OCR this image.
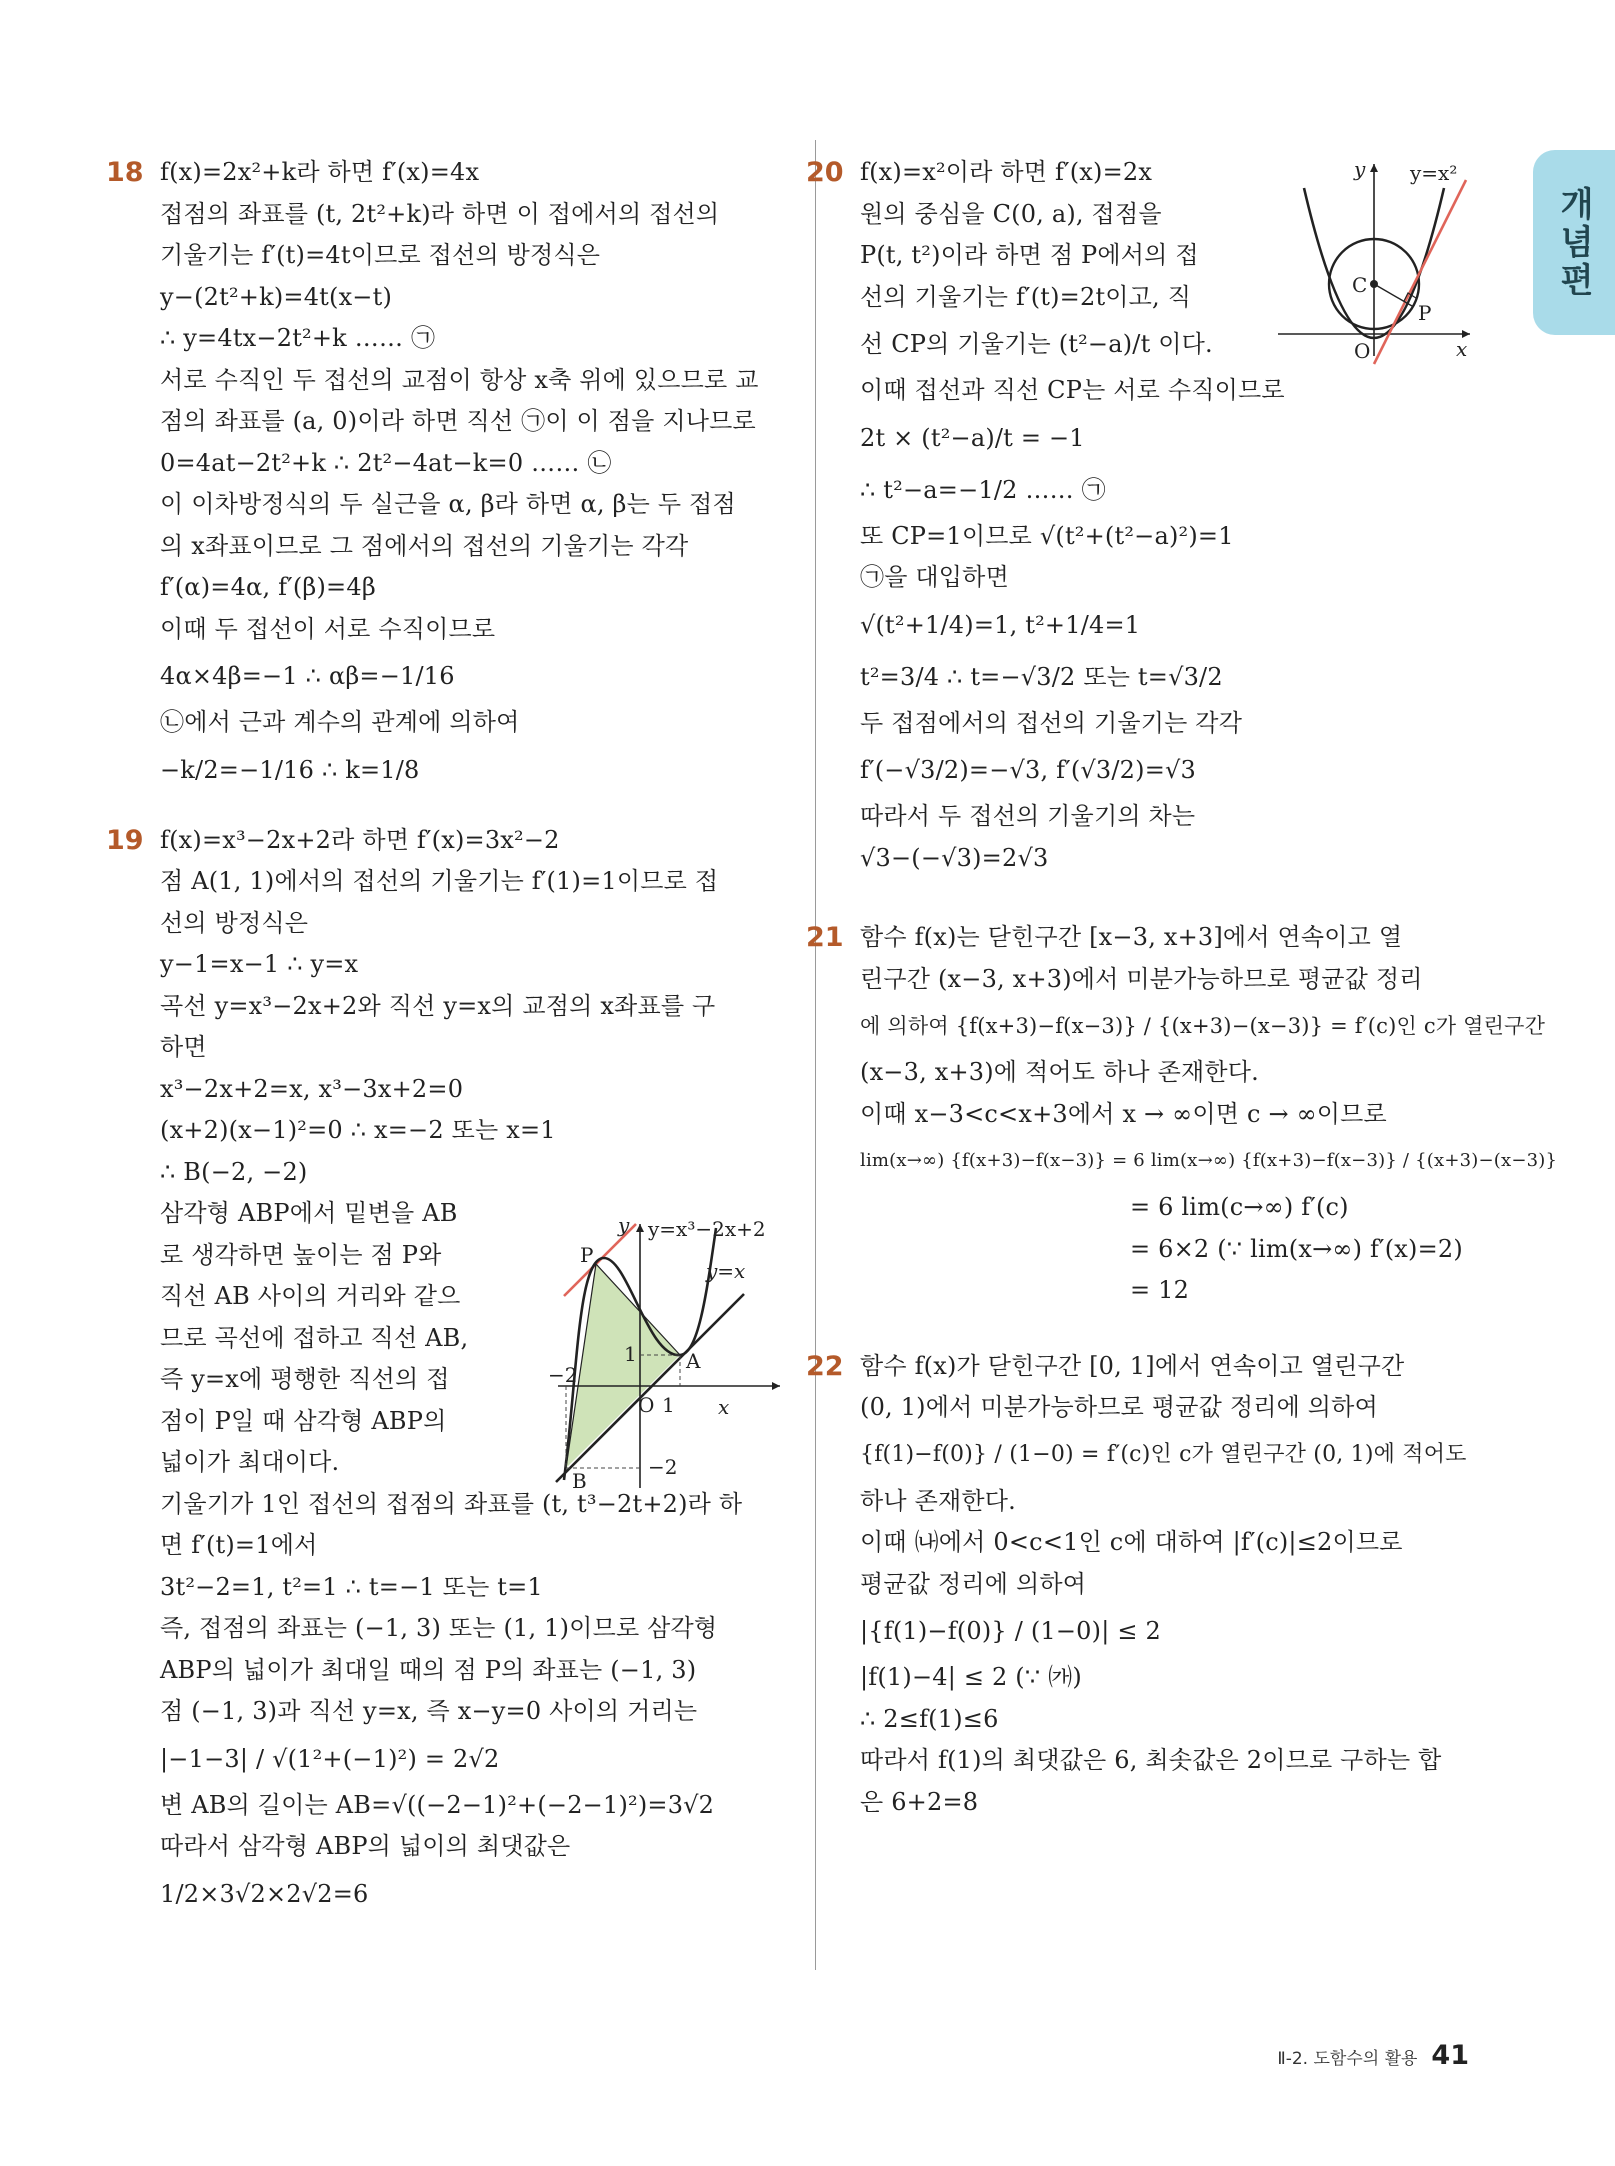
개념편
18 f(x)=2x²+k라 하면 f′(x)=4x
접점의 좌표를 (t, 2t²+k)라 하면 이 접에서의 접선의
기울기는 f′(t)=4t이므로 접선의 방정식은
y−(2t²+k)=4t(x−t)
∴ y=4tx−2t²+k …… ㉠
서로 수직인 두 접선의 교점이 항상 x축 위에 있으므로 교
점의 좌표를 (a, 0)이라 하면 직선 ㉠이 이 점을 지나므로
0=4at−2t²+k ∴ 2t²−4at−k=0 …… ㉡
이 이차방정식의 두 실근을 α, β라 하면 α, β는 두 접점
의 x좌표이므로 그 점에서의 접선의 기울기는 각각
f′(α)=4α, f′(β)=4β
이때 두 접선이 서로 수직이므로
4α×4β=−1 ∴ αβ=−1/16
㉡에서 근과 계수의 관계에 의하여
−k/2=−1/16 ∴ k=1/8
19 f(x)=x³−2x+2라 하면 f′(x)=3x²−2
점 A(1, 1)에서의 접선의 기울기는 f′(1)=1이므로 접
선의 방정식은
y−1=x−1 ∴ y=x
곡선 y=x³−2x+2와 직선 y=x의 교점의 x좌표를 구
하면
x³−2x+2=x, x³−3x+2=0
(x+2)(x−1)²=0 ∴ x=−2 또는 x=1
∴ B(−2, −2)
삼각형 ABP에서 밑변을 AB
로 생각하면 높이는 점 P와
직선 AB 사이의 거리와 같으
므로 곡선에 접하고 직선 AB,
즉 y=x에 평행한 직선의 접
점이 P일 때 삼각형 ABP의
넓이가 최대이다.
기울기가 1인 접선의 접점의 좌표를 (t, t³−2t+2)라 하
면 f′(t)=1에서
3t²−2=1, t²=1 ∴ t=−1 또는 t=1
즉, 접점의 좌표는 (−1, 3) 또는 (1, 1)이므로 삼각형
ABP의 넓이가 최대일 때의 점 P의 좌표는 (−1, 3)
점 (−1, 3)과 직선 y=x, 즉 x−y=0 사이의 거리는
|−1−3| / √(1²+(−1)²) = 2√2
변 AB의 길이는 AB=√((−2−1)²+(−2−1)²)=3√2
따라서 삼각형 ABP의 넓이의 최댓값은
1/2×3√2×2√2=6
y=x³−2x+2
y=x
y
x
O
P
A
B
1
−2
1
−2
20 f(x)=x²이라 하면 f′(x)=2x
원의 중심을 C(0, a), 접점을
P(t, t²)이라 하면 점 P에서의 접
선의 기울기는 f′(t)=2t이고, 직
선 CP의 기울기는 (t²−a)/t 이다.
이때 접선과 직선 CP는 서로 수직이므로
2t × (t²−a)/t = −1
∴ t²−a=−1/2 …… ㉠
또 CP=1이므로 √(t²+(t²−a)²)=1
㉠을 대입하면
√(t²+1/4)=1, t²+1/4=1
t²=3/4 ∴ t=−√3/2 또는 t=√3/2
두 접점에서의 접선의 기울기는 각각
f′(−√3/2)=−√3, f′(√3/2)=√3
따라서 두 접선의 기울기의 차는
√3−(−√3)=2√3
21 함수 f(x)는 닫힌구간 [x−3, x+3]에서 연속이고 열
린구간 (x−3, x+3)에서 미분가능하므로 평균값 정리
에 의하여 {f(x+3)−f(x−3)} / {(x+3)−(x−3)} = f′(c)인 c가 열린구간
(x−3, x+3)에 적어도 하나 존재한다.
이때 x−3<c<x+3에서 x → ∞이면 c → ∞이므로
lim(x→∞) {f(x+3)−f(x−3)} = 6 lim(x→∞) {f(x+3)−f(x−3)} / {(x+3)−(x−3)}
= 6 lim(c→∞) f′(c)
= 6×2 (∵ lim(x→∞) f′(x)=2)
= 12
22 함수 f(x)가 닫힌구간 [0, 1]에서 연속이고 열린구간
(0, 1)에서 미분가능하므로 평균값 정리에 의하여
{f(1)−f(0)} / (1−0) = f′(c)인 c가 열린구간 (0, 1)에 적어도
하나 존재한다.
이때 ㈏에서 0<c<1인 c에 대하여 |f′(c)|≤2이므로
평균값 정리에 의하여
|{f(1)−f(0)} / (1−0)| ≤ 2
|f(1)−4| ≤ 2 (∵ ㈎)
∴ 2≤f(1)≤6
따라서 f(1)의 최댓값은 6, 최솟값은 2이므로 구하는 합
은 6+2=8
y=x²
y
x
O
C
P
Ⅱ-2. 도함수의 활용 41
